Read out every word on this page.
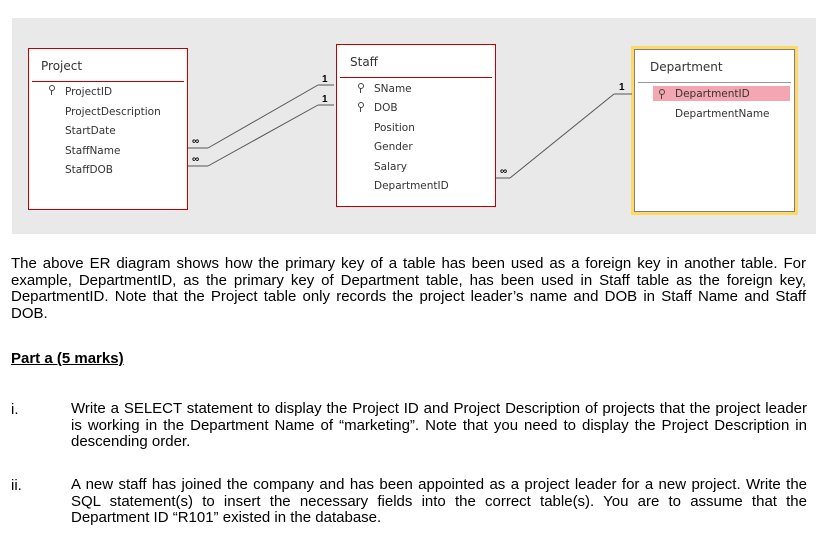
Project
ProjectID
ProjectDescription
StartDate
StaffName
StaffDOB
Staff
SName
DOB
Position
Gender
Salary
DepartmentID
Department
DepartmentID
DepartmentName
∞
∞
1
1
∞
1
The above ER diagram shows how the primary key of a table has been used as a foreign key in another table. For example, DepartmentID, as the primary key of Department table, has been used in Staff table as the foreign key, DepartmentID. Note that the Project table only records the project leader’s name and DOB in Staff Name and Staff DOB.
Part a (5 marks)
i.	Write a SELECT statement to display the Project ID and Project Description of projects that the project leader is working in the Department Name of “marketing”. Note that you need to display the Project Description in descending order.
ii.	A new staff has joined the company and has been appointed as a project leader for a new project. Write the SQL statement(s) to insert the necessary fields into the correct table(s). You are to assume that the Department ID “R101” existed in the database.
